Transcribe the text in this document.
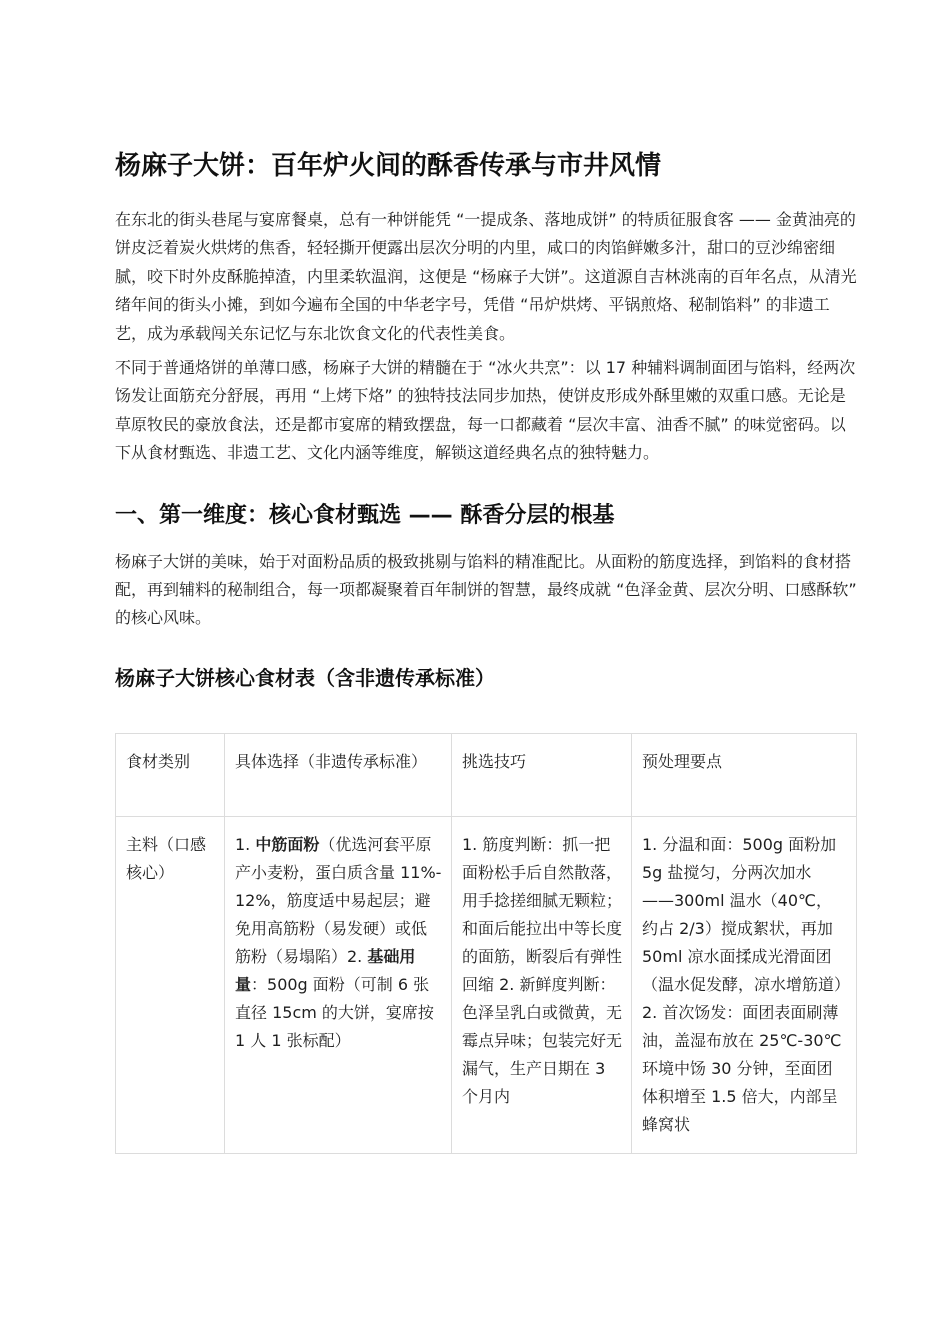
杨麻子大饼：百年炉火间的酥香传承与市井风情

在东北的街头巷尾与宴席餐桌，总有一种饼能凭 “一提成条、落地成饼” 的特质征服食客 —— 金黄油亮的饼皮泛着炭火烘烤的焦香，轻轻撕开便露出层次分明的内里，咸口的肉馅鲜嫩多汁，甜口的豆沙绵密细腻，咬下时外皮酥脆掉渣，内里柔软温润，这便是 “杨麻子大饼”。这道源自吉林洮南的百年名点，从清光绪年间的街头小摊，到如今遍布全国的中华老字号，凭借 “吊炉烘烤、平锅煎烙、秘制馅料” 的非遗工艺，成为承载闯关东记忆与东北饮食文化的代表性美食。

不同于普通烙饼的单薄口感，杨麻子大饼的精髓在于 “冰火共烹”：以 17 种辅料调制面团与馅料，经两次饧发让面筋充分舒展，再用 “上烤下烙” 的独特技法同步加热，使饼皮形成外酥里嫩的双重口感。无论是草原牧民的豪放食法，还是都市宴席的精致摆盘，每一口都藏着 “层次丰富、油香不腻” 的味觉密码。以下从食材甄选、非遗工艺、文化内涵等维度，解锁这道经典名点的独特魅力。

一、第一维度：核心食材甄选 —— 酥香分层的根基

杨麻子大饼的美味，始于对面粉品质的极致挑剔与馅料的精准配比。从面粉的筋度选择，到馅料的食材搭配，再到辅料的秘制组合，每一项都凝聚着百年制饼的智慧，最终成就 “色泽金黄、层次分明、口感酥软” 的核心风味。

杨麻子大饼核心食材表（含非遗传承标准）
食材类别	具体选择（非遗传承标准）	挑选技巧	预处理要点
主料（口感核心）	1. 中筋面粉（优选河套平原产小麦粉，蛋白质含量 11%-12%，筋度适中易起层；避免用高筋粉（易发硬）或低筋粉（易塌陷）2. 基础用量：500g 面粉（可制 6 张直径 15cm 的大饼，宴席按 1 人 1 张标配）	1. 筋度判断：抓一把面粉松手后自然散落，用手捻搓细腻无颗粒；和面后能拉出中等长度的面筋，断裂后有弹性回缩 2. 新鲜度判断：色泽呈乳白或微黄，无霉点异味；包装完好无漏气，生产日期在 3 个月内	1. 分温和面：500g 面粉加 5g 盐搅匀，分两次加水 ——300ml 温水（40℃，约占 2/3）搅成絮状，再加 50ml 凉水面揉成光滑面团（温水促发酵，凉水增筋道）2. 首次饧发：面团表面刷薄油，盖湿布放在 25℃-30℃环境中饧 30 分钟，至面团体积增至 1.5 倍大，内部呈蜂窝状
